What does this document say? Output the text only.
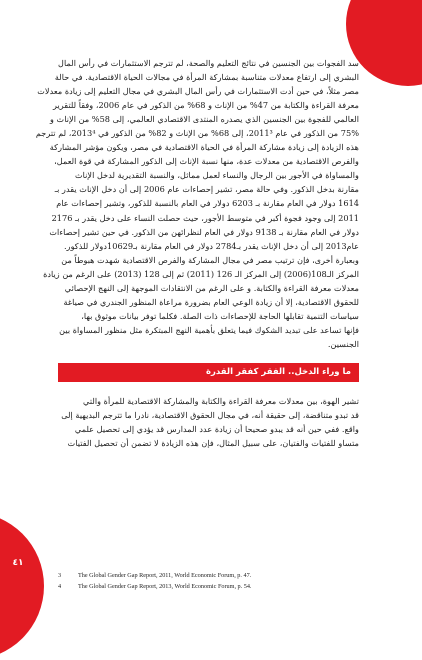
٤١
سد الفجوات بين الجنسين في نتائج التعليم والصحة، لم تترجم الاستثمارات في رأس المال
البشري إلى ارتفاع معدلات متناسبة بمشاركة المرأة في مجالات الحياة الاقتصادية. في حالة
مصر مثلاً، في حين أدت الاستثمارات في رأس المال البشري في مجال التعليم إلى زيادة معدلات
معرفة القراءة والكتابة من 47% من الإناث و 68% من الذكور في عام 2006، وفقاً للتقرير
العالمي للفجوة بين الجنسين الذي يصدره المنتدى الاقتصادي العالمي، إلى 58% من الإناث و
75% من الذكور في عام 2011³، إلى 68% من الإناث و 82% من الذكور في 2013⁴، لم تترجم
هذه الزيادة إلى زيادة مشاركة المرأة في الحياة الاقتصادية في مصر، ويكون مؤشر المشاركة
والفرص الاقتصادية من معدلات عدة، منها نسبة الإناث إلى الذكور المشاركة في قوة العمل،
والمساواة في الأجور بين الرجال والنساء لعمل مماثل، والنسبة التقديرية لدخل الإناث
مقارنة بدخل الذكور. وفي حالة مصر، تشير إحصاءات عام 2006 إلى أن دخل الإناث يقدر بـ
1614 دولار في العام مقارنة بـ 6203 دولار في العام بالنسبة للذكور، وتشير إحصاءات عام
2011 إلى وجود فجوة أكبر في متوسط الأجور، حيث حصلت النساء على دخل يقدر بـ 2176
دولار في العام مقارنة بـ 9138 دولار في العام لنظرائهن من الذكور. في حين تشير إحصاءات
عام2013 إلى أن دخل الإناث يقدر بـ2784 دولار في العام مقارنة بـ10629دولار للذكور.
وبعبارة أخرى، فإن ترتيب مصر في مجال المشاركة والفرص الاقتصادية شهدت هبوطاً من
المركز الـ108(2006) إلى المركز الـ 126 (2011) ثم إلى 128 (2013) على الرغم من زيادة
معدلات معرفة القراءة والكتابة. و على الرغم من الانتقادات الموجهة إلى النهج الإحصائي
للحقوق الاقتصادية، إلا أن زيادة الوعي العام بضرورة مراعاة المنظور الجندري في صياغة
سياسات التنمية تقابلها الحاجة للإحصاءات ذات الصلة. فكلما توفر بيانات موثوق بها،
فإنها تساعد على تبديد الشكوك فيما يتعلق بأهمية النهج المبتكرة مثل منظور المساواة بين
الجنسين.
ما وراء الدخل.. الفقر كفقر القدرة
تشير الهوة، بين معدلات معرفة القراءة والكتابة والمشاركة الاقتصادية للمرأة والتي
قد تبدو متناقضة، إلى حقيقة أنه، في مجال الحقوق الاقتصادية، نادرا ما تترجم البديهية إلى
واقع. ففي حين أنه قد يبدو صحيحا أن زيادة عدد المدارس قد يؤدي إلى تحصيل علمي
متساو للفتيات والفتيان، على سبيل المثال، فإن هذه الزيادة لا تضمن أن تحصيل الفتيات
3	The Global Gender Gap Report, 2011, World Economic Forum, p. 47.
4	The Global Gender Gap Report, 2013, World Economic Forum, p. 54.
